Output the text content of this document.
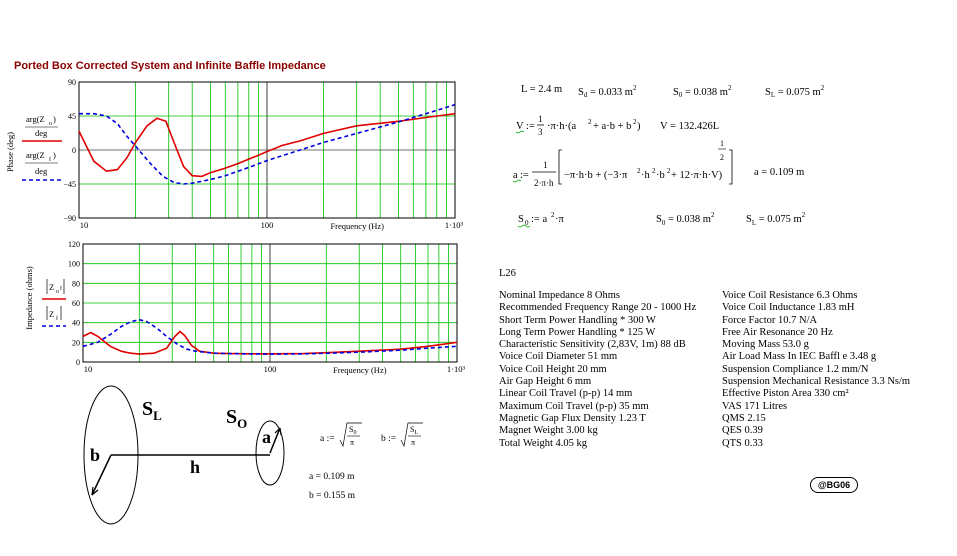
Ported Box Corrected System and Infinite Baffle Impedance
90
45
0
−45
−90
10	100	1·10³
Frequency (Hz)
Phase (deg)
arg(Z o )
deg
arg(Z f )
deg
120
100
80
60
40
20
0
10	100	1·10³
Frequency (Hz)
Impedance (ohms) Z o f
Z f
L = 2.4 m $S_d = 0.033$ $m^2$	$S_0 = 0.038$ $m^2$	$S_L = 0.075$ $m^2$
V :=
1
3 ·π·h·(a 2 + a·b + b 2 ) V = 132.426L
a :=
1
2·π·h
−π·h·b + (−3·π 2 ·h 2 ·b 2 + 12·π·h·V)
1
2
a = 0.109 m
S 0 := a 2 ·π	$S_0 = 0.038$ $m^2$	$S_L = 0.075$ $m^2$
L26
Nominal Impedance 8 Ohms
Recommended Frequency Range 20 - 1000 Hz
Short Term Power Handling * 300 W
Long Term Power Handling * 125 W
Characteristic Sensitivity (2,83V, 1m) 88 dB
Voice Coil Diameter 51 mm
Voice Coil Height 20 mm
Air Gap Height 6 mm
Linear Coil Travel (p-p) 14 mm
Maximum Coil Travel (p-p) 35 mm
Magnetic Gap Flux Density 1.23 T
Magnet Weight 3.00 kg
Total Weight 4.05 kg
Voice Coil Resistance 6.3 Ohms
Voice Coil Inductance 1.83 mH
Force Factor 10.7 N/A
Free Air Resonance 20 Hz
Moving Mass 53.0 g
Air Load Mass In IEC Baffl e 3.48 g
Suspension Compliance 1.2 mm/N
Suspension Mechanical Resistance 3.3 Ns/m
Effective Piston Area 330 cm²
VAS 171 Litres
QMS 2.15
QES 0.39
QTS 0.33
$S_L$	$S_O$
b
h
a	a :=
$S_0$
π	b :=
$S_L$
π
a = 0.109 m
b = 0.155 m
@BG06
